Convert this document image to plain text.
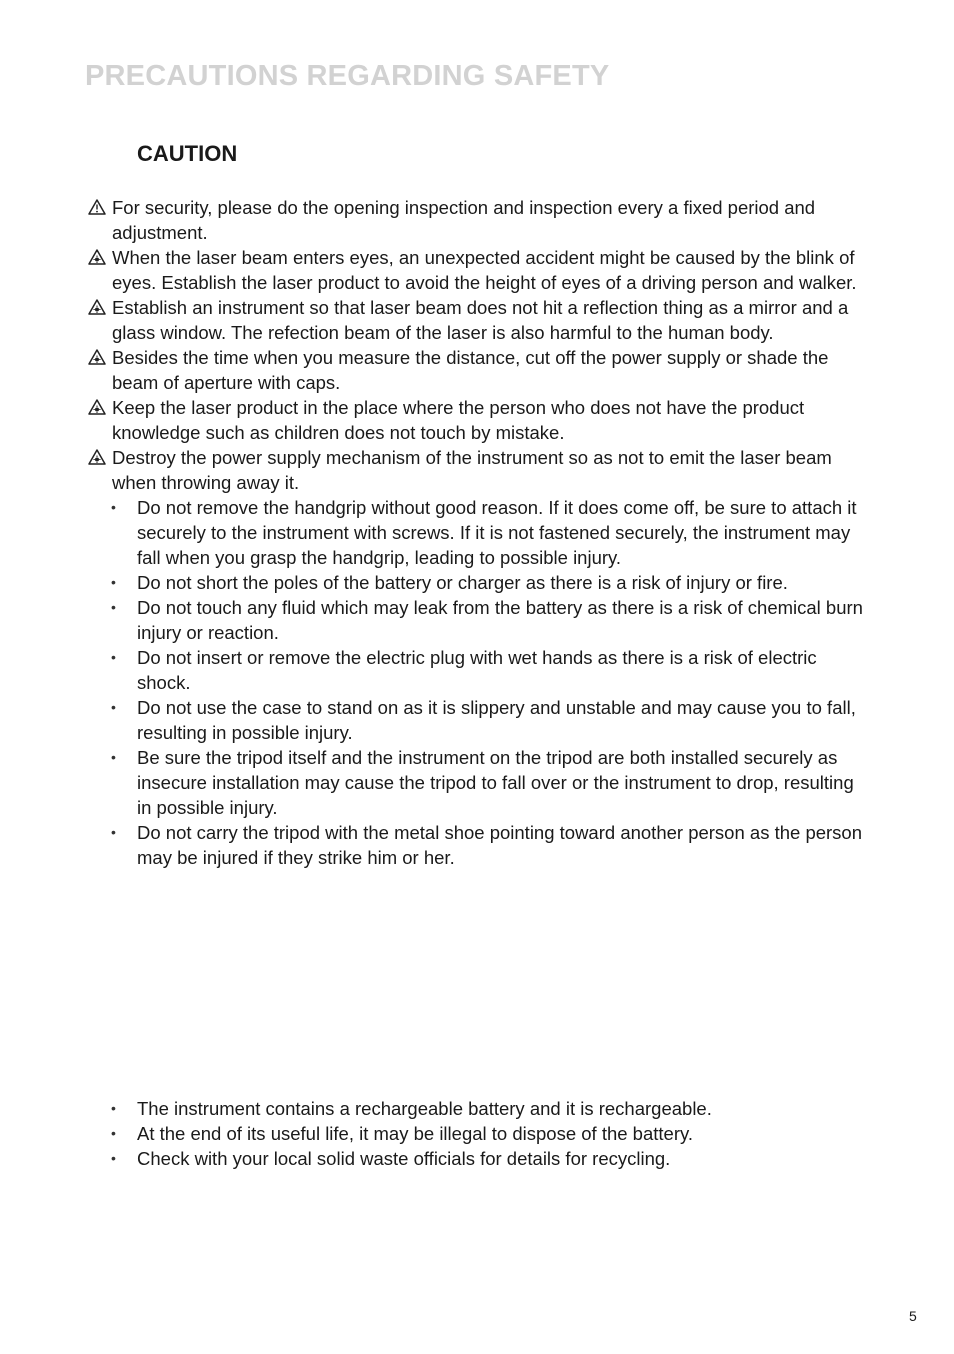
PRECAUTIONS REGARDING SAFETY
CAUTION
For security, please do the opening inspection and inspection every a fixed period and adjustment.
When the laser beam enters eyes, an unexpected accident might be caused by the blink of eyes. Establish the laser product to avoid the height of eyes of a driving person and walker.
Establish an instrument so that laser beam does not hit a reflection thing as a mirror and a glass window. The refection beam of the laser is also harmful to the human body.
Besides the time when you measure the distance, cut off the power supply or shade the beam of aperture with caps.
Keep the laser product in the place where the person who does not have the product knowledge such as children does not touch by mistake.
Destroy the power supply mechanism of the instrument so as not to emit the laser beam when throwing away it.
• Do not remove the handgrip without good reason. If it does come off, be sure to attach it securely to the instrument with screws. If it is not fastened securely, the instrument may fall when you grasp the handgrip, leading to possible injury.
• Do not short the poles of the battery or charger as there is a risk of injury or fire.
• Do not touch any fluid which may leak from the battery as there is a risk of chemical burn injury or reaction.
• Do not insert or remove the electric plug with wet hands as there is a risk of electric shock.
• Do not use the case to stand on as it is slippery and unstable and may cause you to fall, resulting in possible injury.
• Be sure the tripod itself and the instrument on the tripod are both installed securely as insecure installation may cause the tripod to fall over or the instrument to drop, resulting in possible injury.
• Do not carry the tripod with the metal shoe pointing toward another person as the person may be injured if they strike him or her.
• The instrument contains a rechargeable battery and it is rechargeable.
• At the end of its useful life, it may be illegal to dispose of the battery.
• Check with your local solid waste officials for details for recycling.
5
